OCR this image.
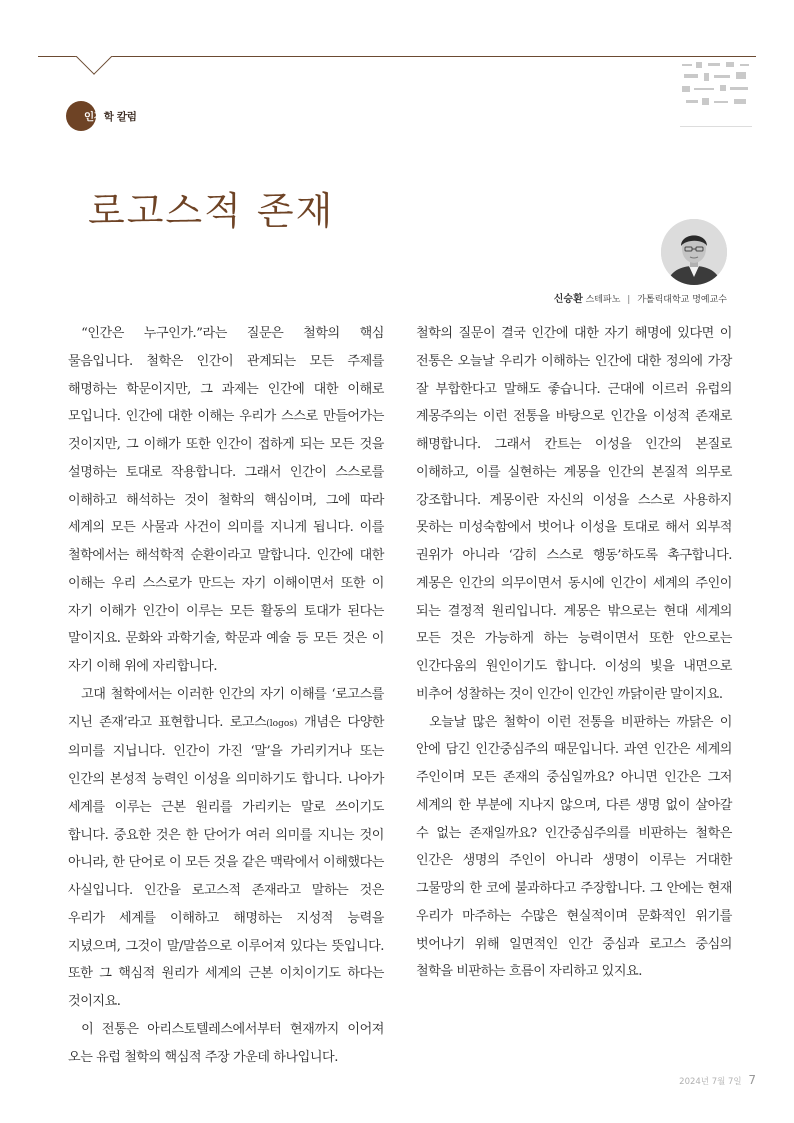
인간학 칼럼
로고스적 존재
신승환 스테파노 | 가톨릭대학교 명예교수

“인간은 누구인가.”라는 질문은 철학의 핵심 물음입니다. 철학은 인간이 관계되는 모든 주제를 해명하는 학문이지만, 그 과제는 인간에 대한 이해로 모입니다. 인간에 대한 이해는 우리가 스스로 만들어가는 것이지만, 그 이해가 또한 인간이 접하게 되는 모든 것을 설명하는 토대로 작용합니다. 그래서 인간이 스스로를 이해하고 해석하는 것이 철학의 핵심이며, 그에 따라 세계의 모든 사물과 사건이 의미를 지니게 됩니다. 이를 철학에서는 해석학적 순환이라고 말합니다. 인간에 대한 이해는 우리 스스로가 만드는 자기 이해이면서 또한 이 자기 이해가 인간이 이루는 모든 활동의 토대가 된다는 말이지요. 문화와 과학기술, 학문과 예술 등 모든 것은 이 자기 이해 위에 자리합니다.

고대 철학에서는 이러한 인간의 자기 이해를 ‘로고스를 지닌 존재’라고 표현합니다. 로고스(logos) 개념은 다양한 의미를 지닙니다. 인간이 가진 ‘말’을 가리키거나 또는 인간의 본성적 능력인 이성을 의미하기도 합니다. 나아가 세계를 이루는 근본 원리를 가리키는 말로 쓰이기도 합니다. 중요한 것은 한 단어가 여러 의미를 지니는 것이 아니라, 한 단어로 이 모든 것을 같은 맥락에서 이해했다는 사실입니다. 인간을 로고스적 존재라고 말하는 것은 우리가 세계를 이해하고 해명하는 지성적 능력을 지녔으며, 그것이 말/말씀으로 이루어져 있다는 뜻입니다. 또한 그 핵심적 원리가 세계의 근본 이치이기도 하다는 것이지요.

이 전통은 아리스토텔레스에서부터 현재까지 이어져 오는 유럽 철학의 핵심적 주장 가운데 하나입니다.

철학의 질문이 결국 인간에 대한 자기 해명에 있다면 이 전통은 오늘날 우리가 이해하는 인간에 대한 정의에 가장 잘 부합한다고 말해도 좋습니다. 근대에 이르러 유럽의 계몽주의는 이런 전통을 바탕으로 인간을 이성적 존재로 해명합니다. 그래서 칸트는 이성을 인간의 본질로 이해하고, 이를 실현하는 계몽을 인간의 본질적 의무로 강조합니다. 계몽이란 자신의 이성을 스스로 사용하지 못하는 미성숙함에서 벗어나 이성을 토대로 해서 외부적 권위가 아니라 ‘감히 스스로 행동’하도록 촉구합니다. 계몽은 인간의 의무이면서 동시에 인간이 세계의 주인이 되는 결정적 원리입니다. 계몽은 밖으로는 현대 세계의 모든 것은 가능하게 하는 능력이면서 또한 안으로는 인간다움의 원인이기도 합니다. 이성의 빛을 내면으로 비추어 성찰하는 것이 인간이 인간인 까닭이란 말이지요.

오늘날 많은 철학이 이런 전통을 비판하는 까닭은 이 안에 담긴 인간중심주의 때문입니다. 과연 인간은 세계의 주인이며 모든 존재의 중심일까요? 아니면 인간은 그저 세계의 한 부분에 지나지 않으며, 다른 생명 없이 살아갈 수 없는 존재일까요? 인간중심주의를 비판하는 철학은 인간은 생명의 주인이 아니라 생명이 이루는 거대한 그물망의 한 코에 불과하다고 주장합니다. 그 안에는 현재 우리가 마주하는 수많은 현실적이며 문화적인 위기를 벗어나기 위해 일면적인 인간 중심과 로고스 중심의 철학을 비판하는 흐름이 자리하고 있지요.

2024년 7월 7일 7
